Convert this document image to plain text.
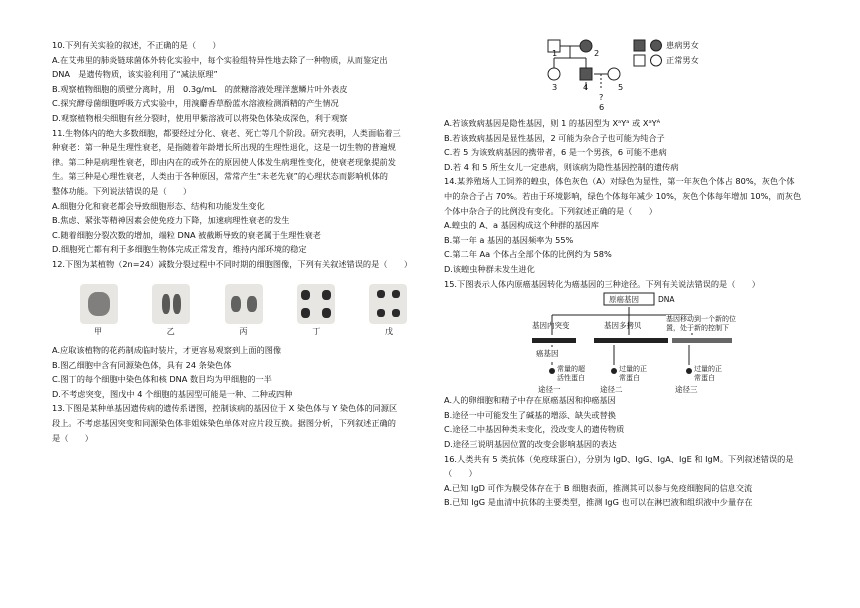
10.下列有关实验的叙述，不正确的是（　　）

A.在艾弗里的肺炎链球菌体外转化实验中，每个实验组特异性地去除了一种物质，从而鉴定出

DNA　是遗传物质，该实验利用了“减法原理”

B.观察植物细胞的质壁分离时，用　0.3g/mL　的蔗糖溶液处理洋葱鳞片叶外表皮

C.探究酵母菌细胞呼吸方式实验中，用溴麝香草酚蓝水溶液检测酒精的产生情况

D.观察植物根尖细胞有丝分裂时，使用甲紫溶液可以将染色体染成深色，利于观察

11.生物体内的绝大多数细胞，都要经过分化、衰老、死亡等几个阶段。研究表明，人类面临着三

种衰老：第一种是生理性衰老，是指随着年龄增长所出现的生理性退化，这是一切生物的普遍规

律。第二种是病理性衰老，即由内在的或外在的原因使人体发生病理性变化，使衰老现象提前发

生。第三种是心理性衰老，人类由于各种原因，常常产生“未老先衰”的心理状态而影响机体的

整体功能。下列说法错误的是（　　）

A.细胞分化和衰老都会导致细胞形态、结构和功能发生变化

B.焦虑、紧张等精神因素会使免疫力下降，加速病理性衰老的发生

C.随着细胞分裂次数的增加，端粒 DNA 被截断导致的衰老属于生理性衰老

D.细胞死亡都有利于多细胞生物体完成正常发育，维持内部环境的稳定

12.下图为某植物（2n=24）减数分裂过程中不同时期的细胞图像，下列有关叙述错误的是（　　）

甲	乙	丙	丁	戊

A.应取该植物的花药制成临时装片，才更容易观察到上面的图像

B.图乙细胞中含有同源染色体，具有 24 条染色体

C.图丁的每个细胞中染色体和核 DNA 数目均为甲细胞的一半

D.不考虑突变，图戊中 4 个细胞的基因型可能是一种、二种或四种

13.下图是某种单基因遗传病的遗传系谱图，控制该病的基因位于 X 染色体与 Y 染色体的同源区

段上。不考虑基因突变和同源染色体非姐妹染色单体对应片段互换。据图分析，下列叙述正确的

是（　　）

1	2
3	4	5
?
6
患病男女
正常男女

A.若该致病基因是隐性基因，则 1 的基因型为 XᵃYᵃ 或 XᵃYᴬ

B.若该致病基因是显性基因，2 可能为杂合子也可能为纯合子

C.若 5 为该致病基因的携带者，6 是一个男孩，6 可能不患病

D.若 4 和 5 所生女儿一定患病，则该病为隐性基因控制的遗传病

14.某养殖场人工饲养的蝗虫，体色灰色（A）对绿色为显性，第一年灰色个体占 80%，灰色个体

中的杂合子占 70%。若由于环境影响，绿色个体每年减少 10%，灰色个体每年增加 10%，而灰色

个体中杂合子的比例没有变化。下列叙述正确的是（　　）

A.蝗虫的 A、a 基因构成这个种群的基因库

B.第一年 a 基因的基因频率为 55%

C.第二年 Aa 个体占全部个体的比例约为 58%

D.该蝗虫种群未发生进化

15.下图表示人体内原癌基因转化为癌基因的三种途径。下列有关说法错误的是（　　）

原癌基因	DNA
基因内突变	基因多拷贝
基因移动到一个新的位置，处于新的控制下
癌基因
常量的超活性蛋白
过量的正常蛋白
过量的正常蛋白
途径一	途径二	途径三

A.人的卵细胞和精子中存在原癌基因和抑癌基因

B.途径一中可能发生了碱基的增添、缺失或替换

C.途径二中基因种类未变化，没改变人的遗传物质

D.途径三说明基因位置的改变会影响基因的表达

16.人类共有 5 类抗体（免疫球蛋白），分别为 IgD、IgG、IgA、IgE 和 IgM。下列叙述错误的是

（　　）

A.已知 IgD 可作为膜受体存在于 B 细胞表面，推测其可以参与免疫细胞间的信息交流

B.已知 IgG 是血清中抗体的主要类型，推测 IgG 也可以在淋巴液和组织液中少量存在
